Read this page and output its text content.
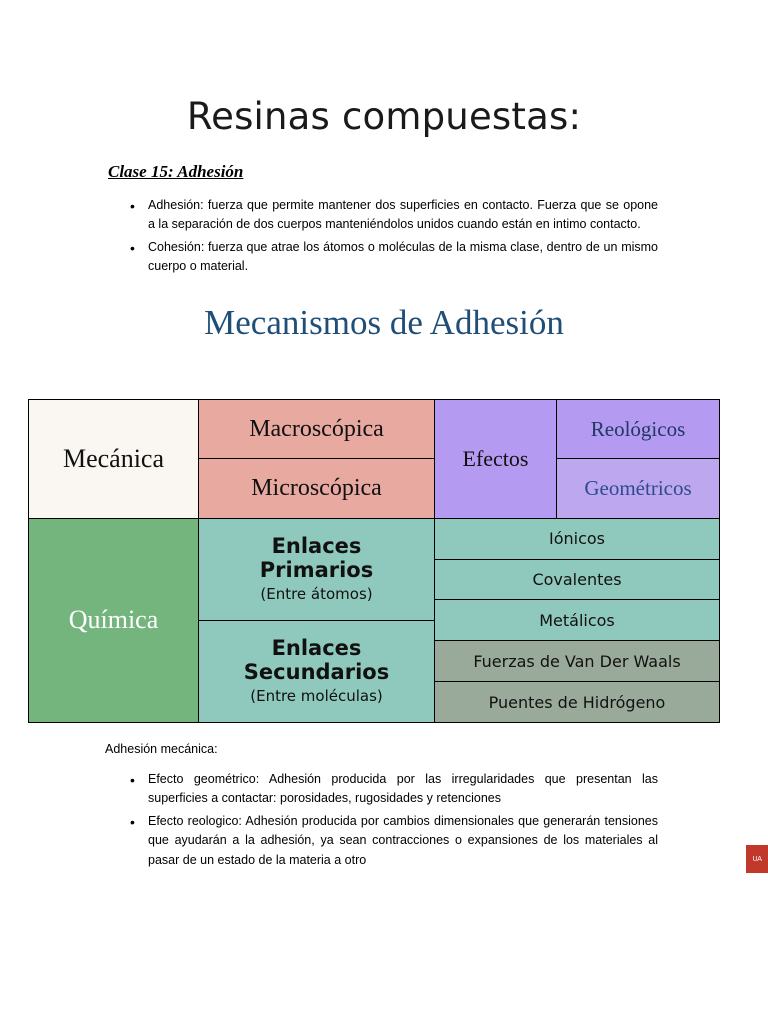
Resinas compuestas:
Clase 15: Adhesión
• Adhesión: fuerza que permite mantener dos superficies en contacto. Fuerza que se opone a la separación de dos cuerpos manteniéndolos unidos cuando están en intimo contacto.
• Cohesión: fuerza que atrae los átomos o moléculas de la misma clase, dentro de un mismo cuerpo o material.
Mecanismos de Adhesión
Mecánica
Macroscópica
Microscópica
Efectos
Reológicos
Geométricos
Química
Enlaces
Primarios
(Entre átomos)
Enlaces
Secundarios
(Entre moléculas)
Iónicos
Covalentes
Metálicos
Fuerzas de Van Der Waals
Puentes de Hidrógeno
Adhesión mecánica:
• Efecto geométrico: Adhesión producida por las irregularidades que presentan las superficies a contactar: porosidades, rugosidades y retenciones
• Efecto reologico: Adhesión producida por cambios dimensionales que generarán tensiones que ayudarán a la adhesión, ya sean contracciones o expansiones de los materiales al pasar de un estado de la materia a otro	UA
